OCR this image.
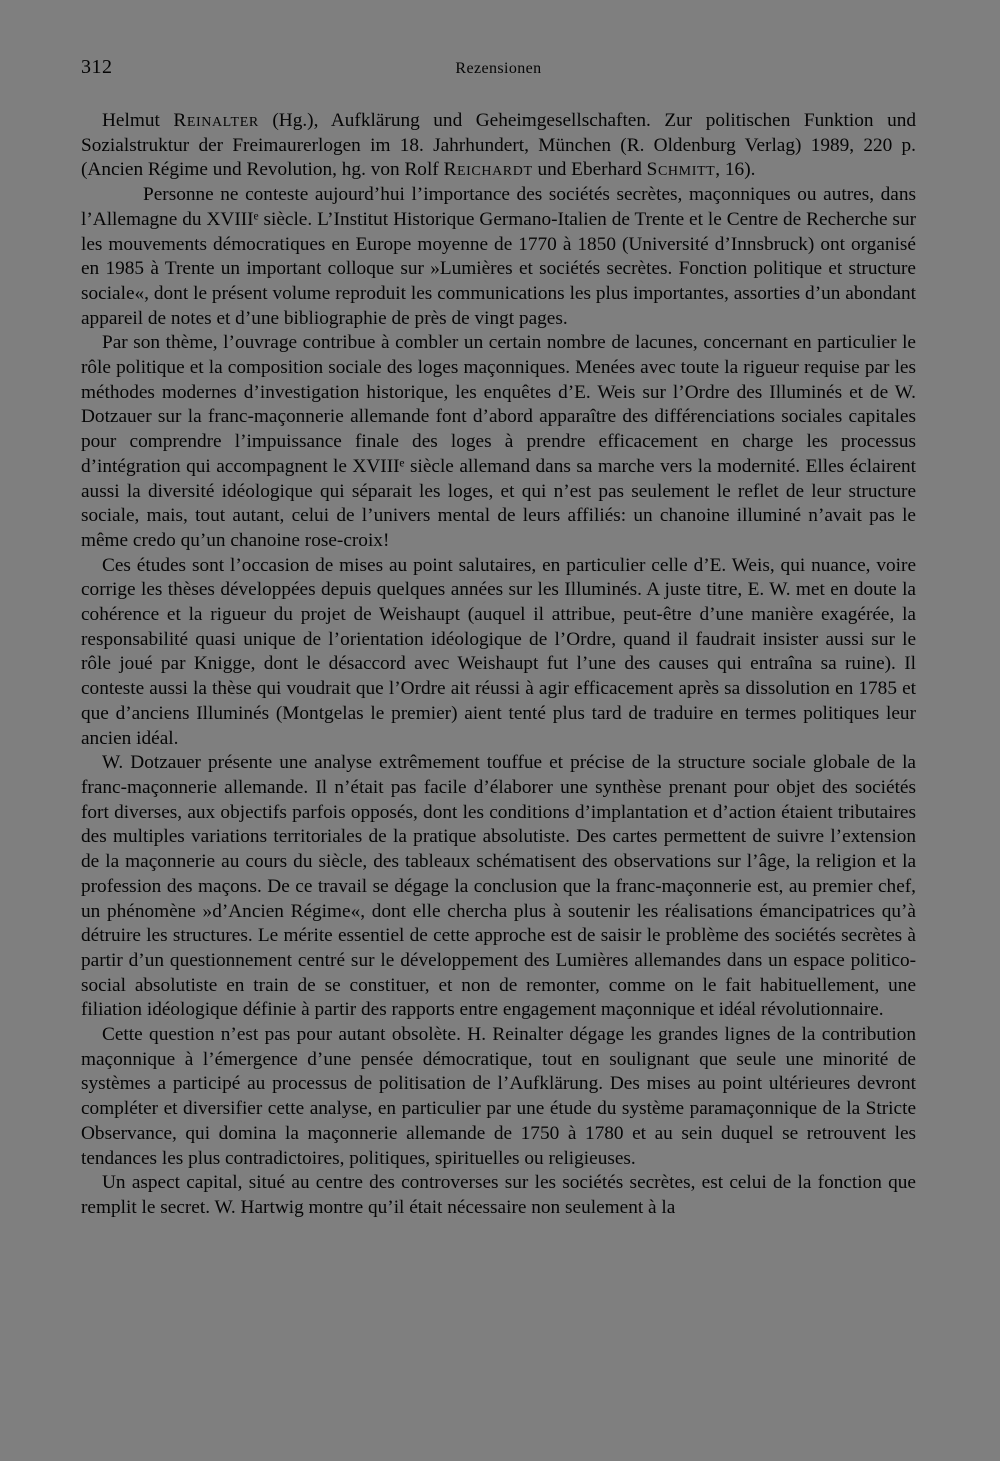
312	Rezensionen

Helmut Reinalter (Hg.), Aufklärung und Geheimgesellschaften. Zur politischen Funktion und Sozialstruktur der Freimaurerlogen im 18. Jahrhundert, München (R. Oldenburg Verlag) 1989, 220 p. (Ancien Régime und Revolution, hg. von Rolf Reichardt und Eberhard Schmitt, 16).

Personne ne conteste aujourd’hui l’importance des sociétés secrètes, maçonniques ou autres, dans l’Allemagne du XVIIIᵉ siècle. L’Institut Historique Germano-Italien de Trente et le Centre de Recherche sur les mouvements démocratiques en Europe moyenne de 1770 à 1850 (Université d’Innsbruck) ont organisé en 1985 à Trente un important colloque sur »Lumières et sociétés secrètes. Fonction politique et structure sociale«, dont le présent volume reproduit les communications les plus importantes, assorties d’un abondant appareil de notes et d’une bibliographie de près de vingt pages.

Par son thème, l’ouvrage contribue à combler un certain nombre de lacunes, concernant en particulier le rôle politique et la composition sociale des loges maçonniques. Menées avec toute la rigueur requise par les méthodes modernes d’investigation historique, les enquêtes d’E. Weis sur l’Ordre des Illuminés et de W. Dotzauer sur la franc-maçonnerie allemande font d’abord apparaître des différenciations sociales capitales pour comprendre l’impuissance finale des loges à prendre efficacement en charge les processus d’intégration qui accompagnent le XVIIIᵉ siècle allemand dans sa marche vers la modernité. Elles éclairent aussi la diversité idéologique qui séparait les loges, et qui n’est pas seulement le reflet de leur structure sociale, mais, tout autant, celui de l’univers mental de leurs affiliés: un chanoine illuminé n’avait pas le même credo qu’un chanoine rose-croix!

Ces études sont l’occasion de mises au point salutaires, en particulier celle d’E. Weis, qui nuance, voire corrige les thèses développées depuis quelques années sur les Illuminés. A juste titre, E. W. met en doute la cohérence et la rigueur du projet de Weishaupt (auquel il attribue, peut-être d’une manière exagérée, la responsabilité quasi unique de l’orientation idéologique de l’Ordre, quand il faudrait insister aussi sur le rôle joué par Knigge, dont le désaccord avec Weishaupt fut l’une des causes qui entraîna sa ruine). Il conteste aussi la thèse qui voudrait que l’Ordre ait réussi à agir efficacement après sa dissolution en 1785 et que d’anciens Illuminés (Montgelas le premier) aient tenté plus tard de traduire en termes politiques leur ancien idéal.

W. Dotzauer présente une analyse extrêmement touffue et précise de la structure sociale globale de la franc-maçonnerie allemande. Il n’était pas facile d’élaborer une synthèse prenant pour objet des sociétés fort diverses, aux objectifs parfois opposés, dont les conditions d’implantation et d’action étaient tributaires des multiples variations territoriales de la pratique absolutiste. Des cartes permettent de suivre l’extension de la maçonnerie au cours du siècle, des tableaux schématisent des observations sur l’âge, la religion et la profession des maçons. De ce travail se dégage la conclusion que la franc-maçonnerie est, au premier chef, un phénomène »d’Ancien Régime«, dont elle chercha plus à soutenir les réalisations émancipatrices qu’à détruire les structures. Le mérite essentiel de cette approche est de saisir le problème des sociétés secrètes à partir d’un questionnement centré sur le développement des Lumières allemandes dans un espace politico-social absolutiste en train de se constituer, et non de remonter, comme on le fait habituellement, une filiation idéologique définie à partir des rapports entre engagement maçonnique et idéal révolutionnaire.

Cette question n’est pas pour autant obsolète. H. Reinalter dégage les grandes lignes de la contribution maçonnique à l’émergence d’une pensée démocratique, tout en soulignant que seule une minorité de systèmes a participé au processus de politisation de l’Aufklärung. Des mises au point ultérieures devront compléter et diversifier cette analyse, en particulier par une étude du système paramaçonnique de la Stricte Observance, qui domina la maçonnerie allemande de 1750 à 1780 et au sein duquel se retrouvent les tendances les plus contradictoires, politiques, spirituelles ou religieuses.

Un aspect capital, situé au centre des controverses sur les sociétés secrètes, est celui de la fonction que remplit le secret. W. Hartwig montre qu’il était nécessaire non seulement à la
